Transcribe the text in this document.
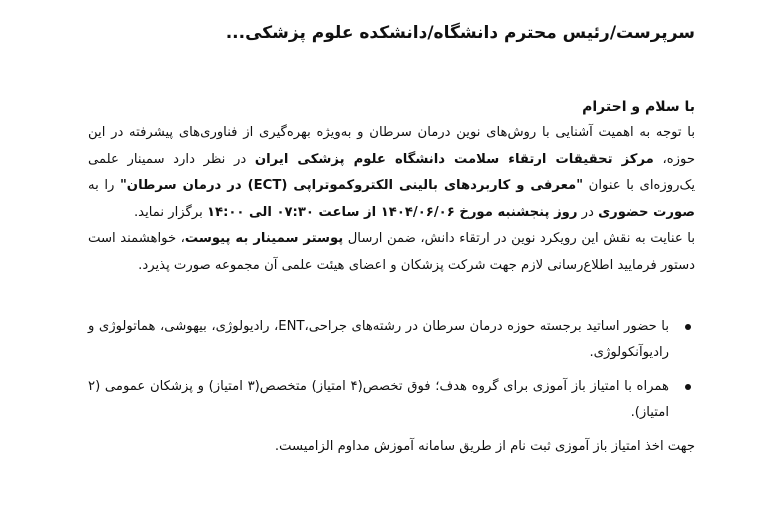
سرپرست/رئیس محترم دانشگاه/دانشکده علوم پزشکی...

با سلام و احترام

با توجه به اهمیت آشنایی با روش‌های نوین درمان سرطان و به‌ویژه بهره‌گیری از فناوری‌های پیشرفته در این حوزه، مرکز تحقیقات ارتقاء سلامت دانشگاه علوم پزشکی ایران در نظر دارد سمینار علمی یک‌روزه‌ای با عنوان "معرفی و کاربردهای بالینی الکتروکموتراپی (ECT) در درمان سرطان" را به صورت حضوری در روز پنجشنبه مورخ ۱۴۰۴/۰۶/۰۶ از ساعت ۰۷:۳۰ الی ۱۴:۰۰ برگزار نماید.

با عنایت به نقش این رویکرد نوین در ارتقاء دانش، ضمن ارسال پوستر سمینار به پیوست، خواهشمند است دستور فرمایید اطلاع‌رسانی لازم جهت شرکت پزشکان و اعضای هیئت علمی آن مجموعه صورت پذیرد.

با حضور اساتید برجسته حوزه درمان سرطان در رشته‌های جراحی،ENT، رادیولوژی، بیهوشی، هماتولوژی و رادیوآنکولوژی.
همراه با امتیاز باز آموزی برای گروه هدف؛ فوق تخصص(۴ امتیاز) متخصص(۳ امتیاز) و پزشکان عمومی (۲ امتیاز).
جهت اخذ امتیاز باز آموزی ثبت نام از طریق سامانه آموزش مداوم الزامیست.
